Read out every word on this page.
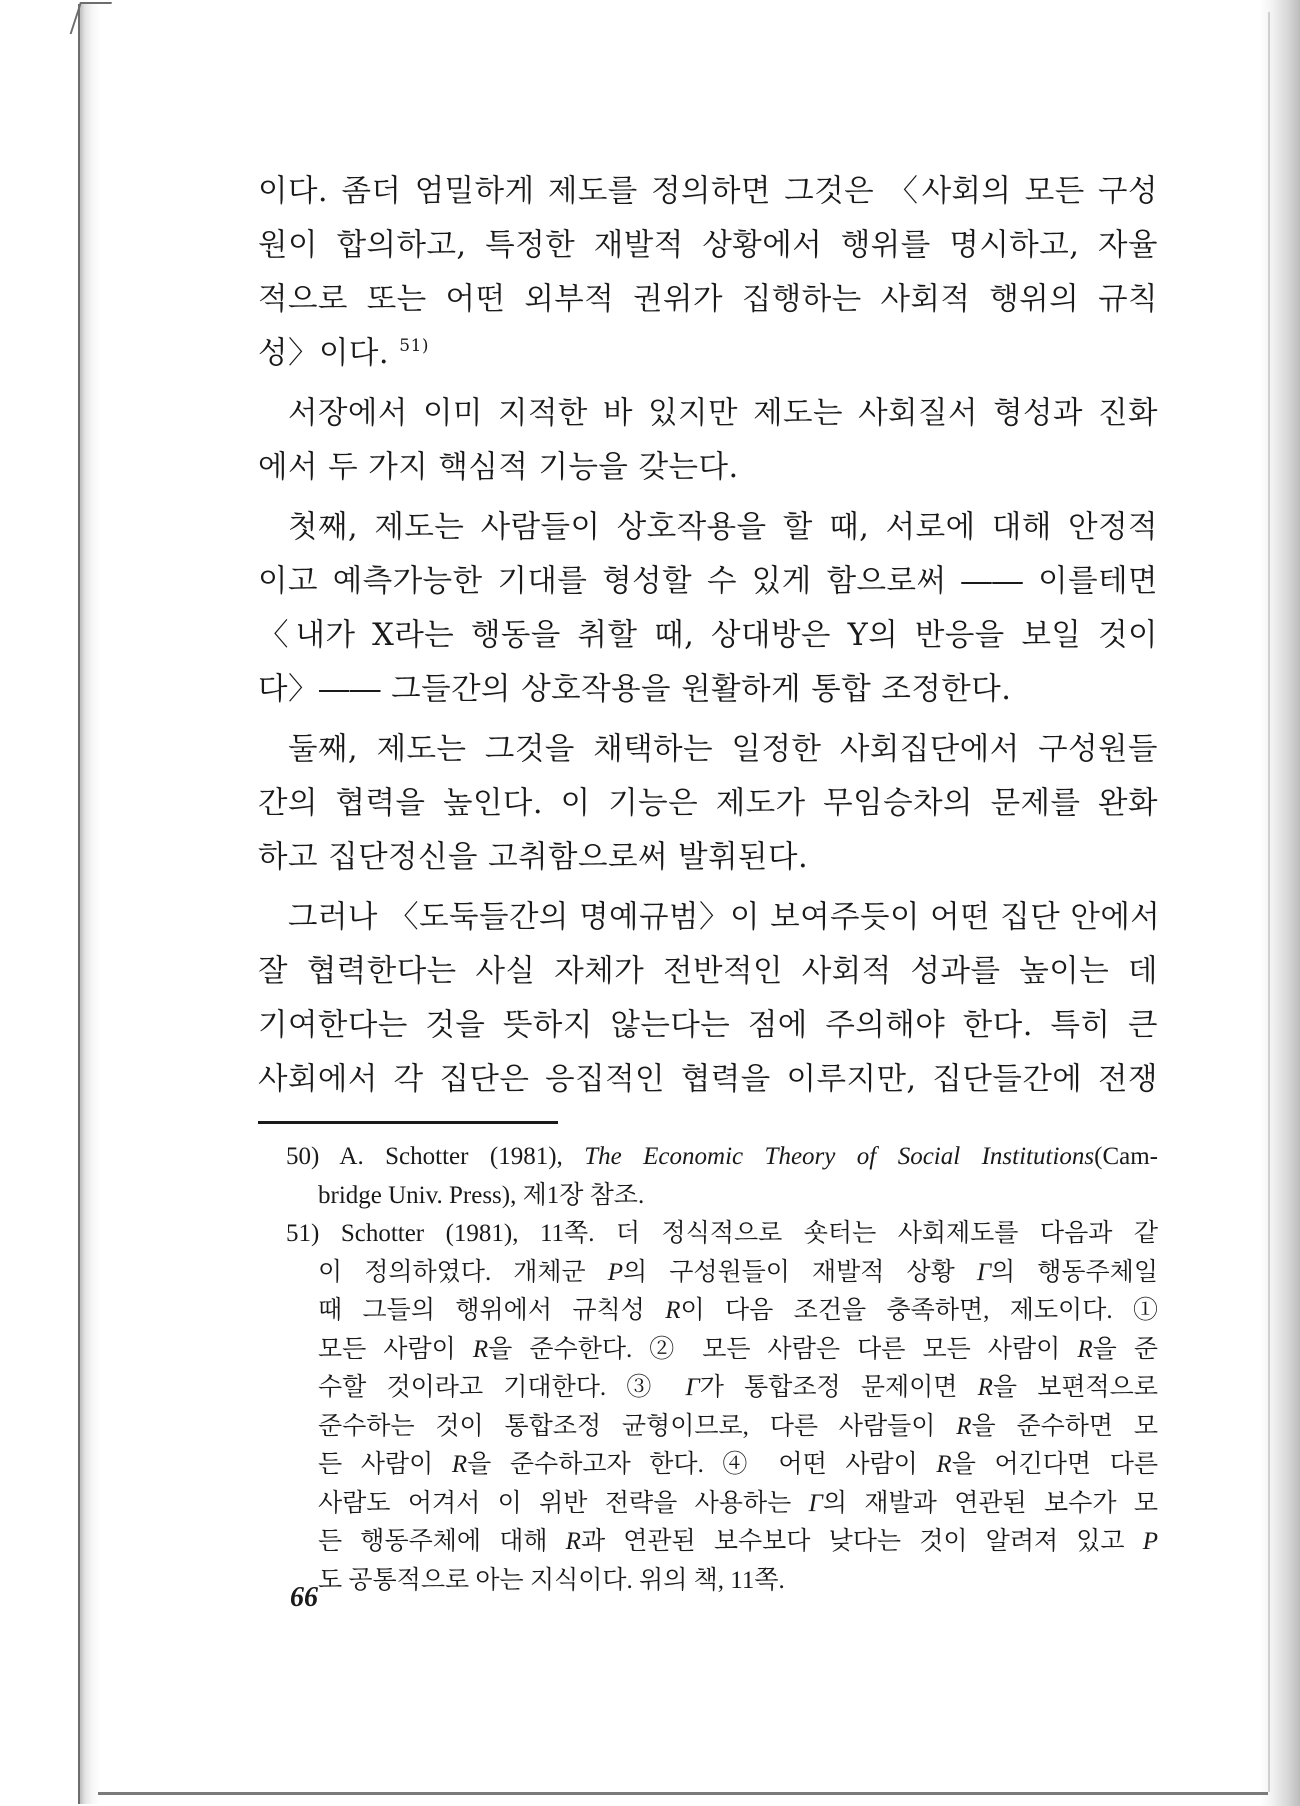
이다. 좀더 엄밀하게 제도를 정의하면 그것은 〈사회의 모든 구성

원이 합의하고, 특정한 재발적 상황에서 행위를 명시하고, 자율

적으로 또는 어떤 외부적 권위가 집행하는 사회적 행위의 규칙

성〉이다. $^{51)}$

서장에서 이미 지적한 바 있지만 제도는 사회질서 형성과 진화

에서 두 가지 핵심적 기능을 갖는다.

첫째, 제도는 사람들이 상호작용을 할 때, 서로에 대해 안정적

이고 예측가능한 기대를 형성할 수 있게 함으로써 ―― 이를테면

〈내가 X라는 행동을 취할 때, 상대방은 Y의 반응을 보일 것이

다〉―― 그들간의 상호작용을 원활하게 통합 조정한다.

둘째, 제도는 그것을 채택하는 일정한 사회집단에서 구성원들

간의 협력을 높인다. 이 기능은 제도가 무임승차의 문제를 완화

하고 집단정신을 고취함으로써 발휘된다.

그러나 〈도둑들간의 명예규범〉이 보여주듯이 어떤 집단 안에서

잘 협력한다는 사실 자체가 전반적인 사회적 성과를 높이는 데

기여한다는 것을 뜻하지 않는다는 점에 주의해야 한다. 특히 큰

사회에서 각 집단은 응집적인 협력을 이루지만, 집단들간에 전쟁

50) A. Schotter (1981), The Economic Theory of Social Institutions(Cam-

bridge Univ. Press), 제1장 참조.

51) Schotter (1981), 11쪽. 더 정식적으로 숏터는 사회제도를 다음과 같

이 정의하였다. 개체군 P의 구성원들이 재발적 상황 Γ의 행동주체일

때 그들의 행위에서 규칙성 R이 다음 조건을 충족하면, 제도이다. ①

모든 사람이 R을 준수한다. ② 모든 사람은 다른 모든 사람이 R을 준

수할 것이라고 기대한다. ③ Γ가 통합조정 문제이면 R을 보편적으로

준수하는 것이 통합조정 균형이므로, 다른 사람들이 R을 준수하면 모

든 사람이 R을 준수하고자 한다. ④ 어떤 사람이 R을 어긴다면 다른

사람도 어겨서 이 위반 전략을 사용하는 Γ의 재발과 연관된 보수가 모

든 행동주체에 대해 R과 연관된 보수보다 낮다는 것이 알려져 있고 P

도 공통적으로 아는 지식이다. 위의 책, 11쪽.

66
